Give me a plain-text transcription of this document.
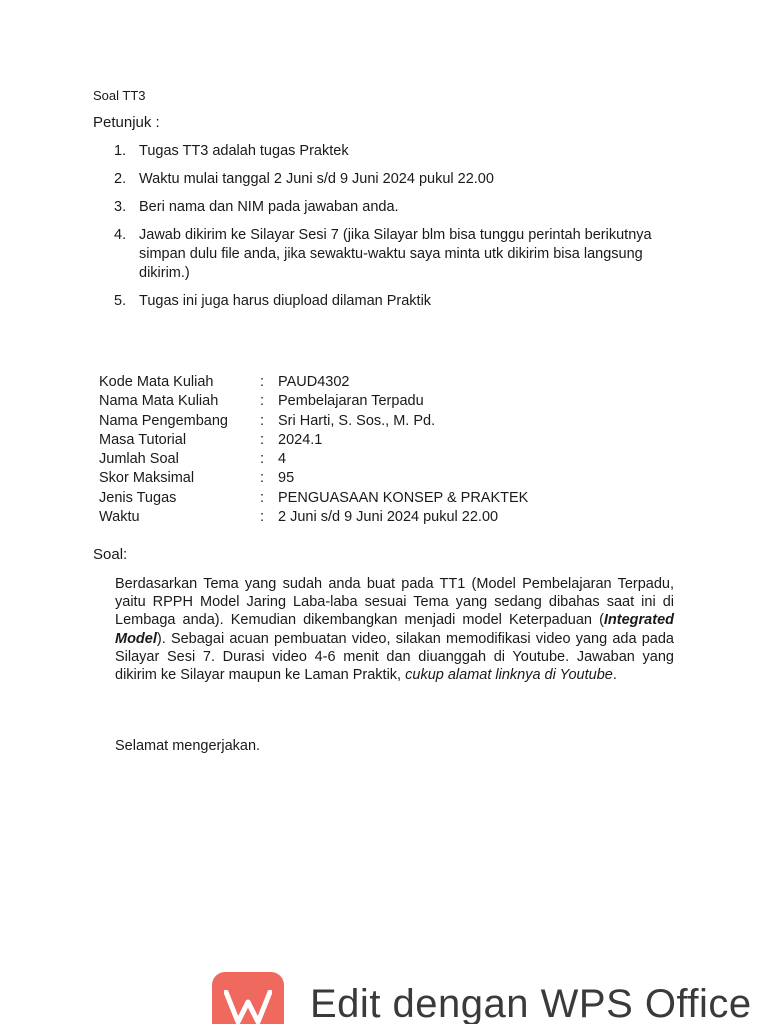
Soal TT3
Petunjuk :
1. Tugas TT3 adalah tugas Praktek
2. Waktu mulai tanggal 2 Juni s/d 9 Juni 2024 pukul 22.00
3. Beri nama dan NIM pada jawaban anda.
4. Jawab dikirim ke Silayar Sesi 7 (jika Silayar blm bisa tunggu perintah berikutnya simpan dulu file anda, jika sewaktu-waktu saya minta utk dikirim bisa langsung dikirim.)
5. Tugas ini juga harus diupload dilaman Praktik
Kode Mata Kuliah	:	PAUD4302
Nama Mata Kuliah	:	Pembelajaran Terpadu
Nama Pengembang	:	Sri Harti, S. Sos., M. Pd.
Masa Tutorial	:	2024.1
Jumlah Soal	:	4
Skor Maksimal	:	95
Jenis Tugas	:	PENGUASAAN KONSEP & PRAKTEK
Waktu	:	2 Juni s/d 9 Juni 2024 pukul 22.00
Soal:

Berdasarkan Tema yang sudah anda buat pada TT1 (Model Pembelajaran Terpadu, yaitu RPPH Model Jaring Laba-laba sesuai Tema yang sedang dibahas saat ini di Lembaga anda). Kemudian dikembangkan menjadi model Keterpaduan (Integrated Model). Sebagai acuan pembuatan video, silakan memodifikasi video yang ada pada Silayar Sesi 7. Durasi video 4-6 menit dan diuanggah di Youtube. Jawaban yang dikirim ke Silayar maupun ke Laman Praktik, cukup alamat linknya di Youtube.

Selamat mengerjakan.
Edit dengan WPS Office
